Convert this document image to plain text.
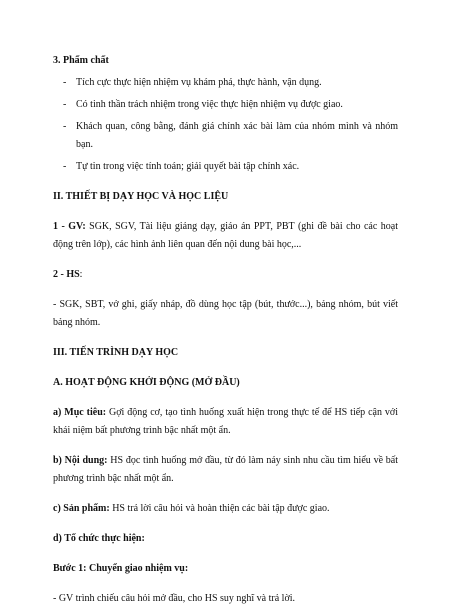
3. Phẩm chất
- Tích cực thực hiện nhiệm vụ khám phá, thực hành, vận dụng.
- Có tinh thần trách nhiệm trong việc thực hiện nhiệm vụ được giao.
- Khách quan, công bằng, đánh giá chính xác bài làm của nhóm mình và nhóm bạn.
- Tự tin trong việc tính toán; giải quyết bài tập chính xác.
II. THIẾT BỊ DẠY HỌC VÀ HỌC LIỆU
1 - GV: SGK, SGV, Tài liệu giảng dạy, giáo án PPT, PBT (ghi đề bài cho các hoạt động trên lớp), các hình ảnh liên quan đến nội dung bài học,...
2 - HS:
- SGK, SBT, vở ghi, giấy nháp, đồ dùng học tập (bút, thước...), bảng nhóm, bút viết bảng nhóm.
III. TIẾN TRÌNH DẠY HỌC
A. HOẠT ĐỘNG KHỞI ĐỘNG (MỞ ĐẦU)
a) Mục tiêu: Gợi động cơ, tạo tình huống xuất hiện trong thực tế để HS tiếp cận với khái niệm bất phương trình bậc nhất một ẩn.
b) Nội dung: HS đọc tình huống mở đầu, từ đó làm nảy sinh nhu cầu tìm hiểu về bất phương trình bậc nhất một ẩn.
c) Sản phẩm: HS trả lời câu hỏi và hoàn thiện các bài tập được giao.
d) Tổ chức thực hiện:
Bước 1: Chuyển giao nhiệm vụ:
- GV trình chiếu câu hỏi mở đầu, cho HS suy nghĩ và trả lời.
